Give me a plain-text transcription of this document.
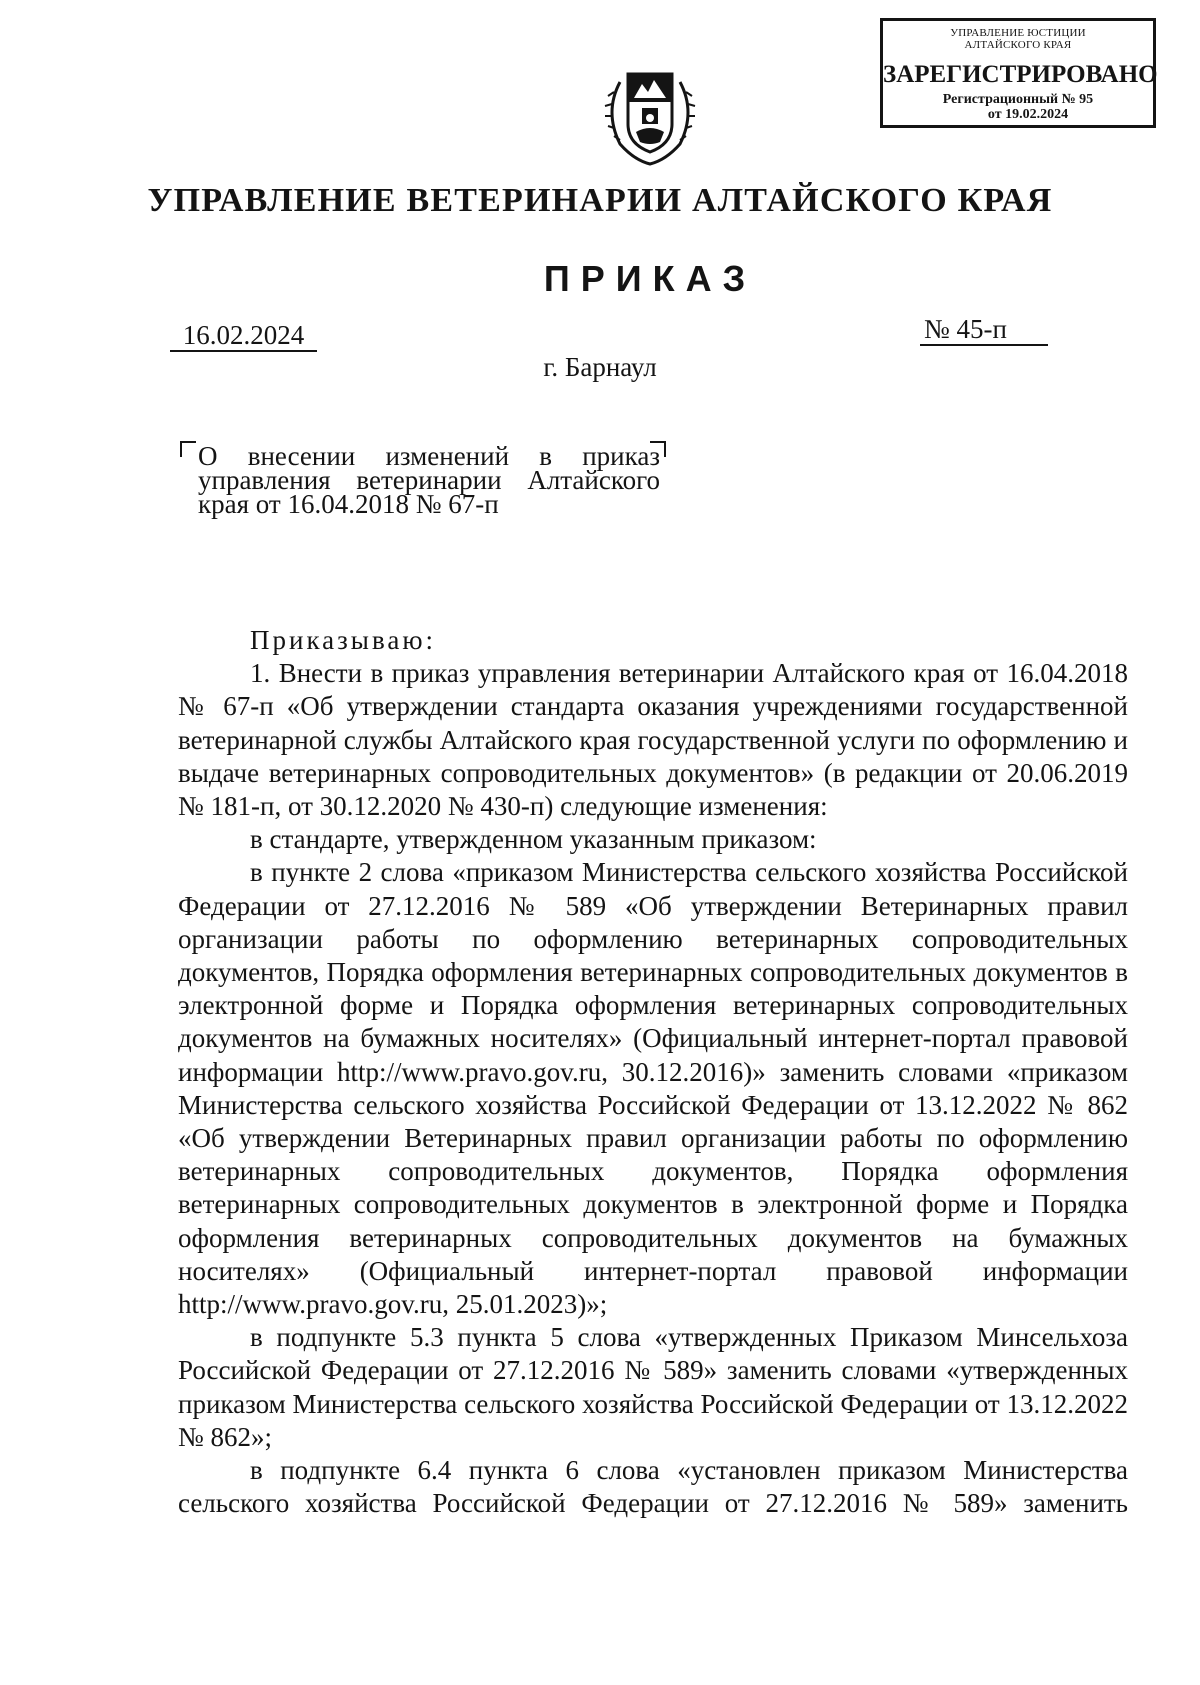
УПРАВЛЕНИЕ ЮСТИЦИИ
АЛТАЙСКОГО КРАЯ
ЗАРЕГИСТРИРОВАНО
Регистрационный № 95
от 19.02.2024
УПРАВЛЕНИЕ ВЕТЕРИНАРИИ АЛТАЙСКОГО КРАЯ
ПРИКАЗ
16.02.2024	№ 45-п
г. Барнаул
О внесении изменений в приказ управления ветеринарии Алтайского края от 16.04.2018 № 67-п

Приказываю:

1. Внести в приказ управления ветеринарии Алтайского края от 16.04.2018 № 67-п «Об утверждении стандарта оказания учреждениями государственной ветеринарной службы Алтайского края государственной услуги по оформлению и выдаче ветеринарных сопроводительных документов» (в редакции от 20.06.2019 № 181-п, от 30.12.2020 № 430-п) следующие изменения:

в стандарте, утвержденном указанным приказом:

в пункте 2 слова «приказом Министерства сельского хозяйства Российской Федерации от 27.12.2016 № 589 «Об утверждении Ветеринарных правил организации работы по оформлению ветеринарных сопроводительных документов, Порядка оформления ветеринарных сопроводительных документов в электронной форме и Порядка оформления ветеринарных сопроводительных документов на бумажных носителях» (Официальный интернет-портал правовой информации http://www.pravo.gov.ru, 30.12.2016)» заменить словами «приказом Министерства сельского хозяйства Российской Федерации от 13.12.2022 № 862 «Об утверждении Ветеринарных правил организации работы по оформлению ветеринарных сопроводительных документов, Порядка оформления ветеринарных сопроводительных документов в электронной форме и Порядка оформления ветеринарных сопроводительных документов на бумажных носителях» (Официальный интернет-портал правовой информации http://www.pravo.gov.ru, 25.01.2023)»;

в подпункте 5.3 пункта 5 слова «утвержденных Приказом Минсельхоза Российской Федерации от 27.12.2016 № 589» заменить словами «утвержденных приказом Министерства сельского хозяйства Российской Федерации от 13.12.2022 № 862»;

в подпункте 6.4 пункта 6 слова «установлен приказом Министерства сельского хозяйства Российской Федерации от 27.12.2016 № 589» заменить
